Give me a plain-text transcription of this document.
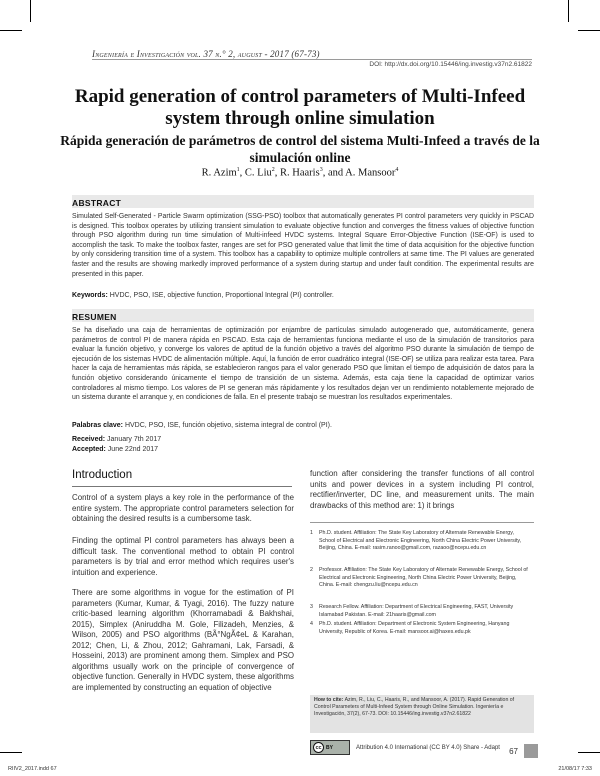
Ingeniería e Investigación vol. 37 n.° 2, august - 2017 (67-73)
DOI: http://dx.doi.org/10.15446/ing.investig.v37n2.61822
Rapid generation of control parameters of Multi-Infeed system through online simulation
Rápida generación de parámetros de control del sistema Multi-Infeed a través de la simulación online
R. Azim$^1$, C. Liu$^2$, R. Haaris$^3$, and A. Mansoor$^4$
ABSTRACT
Simulated Self-Generated - Particle Swarm optimization (SSG-PSO) toolbox that automatically generates PI control parameters very quickly in PSCAD is designed. This toolbox operates by utilizing transient simulation to evaluate objective function and converges the fitness values of objective function through PSO algorithm during run time simulation of Multi-infeed HVDC systems. Integral Square Error-Objective Function (ISE-OF) is used to accomplish the task. To make the toolbox faster, ranges are set for PSO generated value that limit the time of data acquisition for the objective function by only considering transition time of a system. This toolbox has a capability to optimize multiple controllers at same time. The PI values are generated faster and the results are showing markedly improved performance of a system during startup and under fault condition. The experimental results are presented in this paper.
Keywords: HVDC, PSO, ISE, objective function, Proportional Integral (PI) controller.
RESUMEN
Se ha diseñado una caja de herramientas de optimización por enjambre de partículas simulado autogenerado que, automáticamente, genera parámetros de control PI de manera rápida en PSCAD. Esta caja de herramientas funciona mediante el uso de la simulación de transitorios para evaluar la función objetivo, y converge los valores de aptitud de la función objetivo a través del algoritmo PSO durante la simulación de tiempo de ejecución de los sistemas HVDC de alimentación múltiple. Aquí, la función de error cuadrático integral (ISE-OF) se utiliza para realizar esta tarea. Para hacer la caja de herramientas más rápida, se establecieron rangos para el valor generado PSO que limitan el tiempo de adquisición de datos para la función objetivo considerando únicamente el tiempo de transición de un sistema. Además, esta caja tiene la capacidad de optimizar varios controladores al mismo tiempo. Los valores de PI se generan más rápidamente y los resultados dejan ver un rendimiento notablemente mejorado de un sistema durante el arranque y, en condiciones de falla. En el presente trabajo se muestran los resultados experimentales.
Palabras clave: HVDC, PSO, ISE, función objetivo, sistema integral de control (PI).
Received: January 7th 2017
Accepted: June 22nd 2017
Introduction
Control of a system plays a key role in the performance of the entire system. The appropriate control parameters selection for obtaining the desired results is a cumbersome task.
Finding the optimal PI control parameters has always been a difficult task. The conventional method to obtain PI control parameters is by trial and error method which requires user's intuition and experience.
There are some algorithms in vogue for the estimation of PI parameters (Kumar, Kumar, & Tyagi, 2016). The fuzzy nature critic-based learning algorithm (Khorramabadi & Bakhshai, 2015), Simplex (Aniruddha M. Gole, Filizadeh, Menzies, & Wilson, 2005) and PSO algorithms (BÃ°NgÃ¢eL & Karahan, 2012; Chen, Li, & Zhou, 2012; Gahramani, Lak, Farsadi, & Hosseini, 2013) are prominent among them. Simplex and PSO algorithms usually work on the principle of convergence of objective function. Generally in HVDC system, these algorithms are implemented by constructing an equation of objective
function after considering the transfer functions of all control units and power devices in a system including PI control, rectifier/inverter, DC line, and measurement units. The main drawbacks of this method are: 1) it brings
1 Ph.D. student. Affiliation: The State Key Laboratory of Alternate Renewable Energy, School of Electrical and Electronic Engineering, North China Electric Power University, Beijing, China. E-mail: rasim.ranoo@gmail.com, razaoo@ncepu.edu.cn
2 Professor. Affiliation: The State Key Laboratory of Alternate Renewable Energy, School of Electrical and Electronic Engineering, North China Electric Power University, Beijing, China. E-mail: chengzu.liu@ncepu.edu.cn
3 Research Fellow. Affiliation: Department of Electrical Engineering, FAST, University Islamabad Pakistan. E-mail: 21haaris@gmail.com
4 Ph.D. student. Affiliation: Department of Electronic System Engineering, Hanyang University, Republic of Korea. E-mail: mansoor.ai@haxes.edu.pk
How to cite: Azim, R., Liu, C., Haaris, R., and Mansoor, A. (2017). Rapid Generation of Control Parameters of Multi-Infeed System through Online Simulation. Ingeniería e Investigación, 37(2), 67-73. DOI: 10.15446/ing.investig.v37n2.61822
cc BY	Attribution 4.0 International (CC BY 4.0) Share - Adapt 67
RIIV2_2017.indd 67	21/08/17 7:33
